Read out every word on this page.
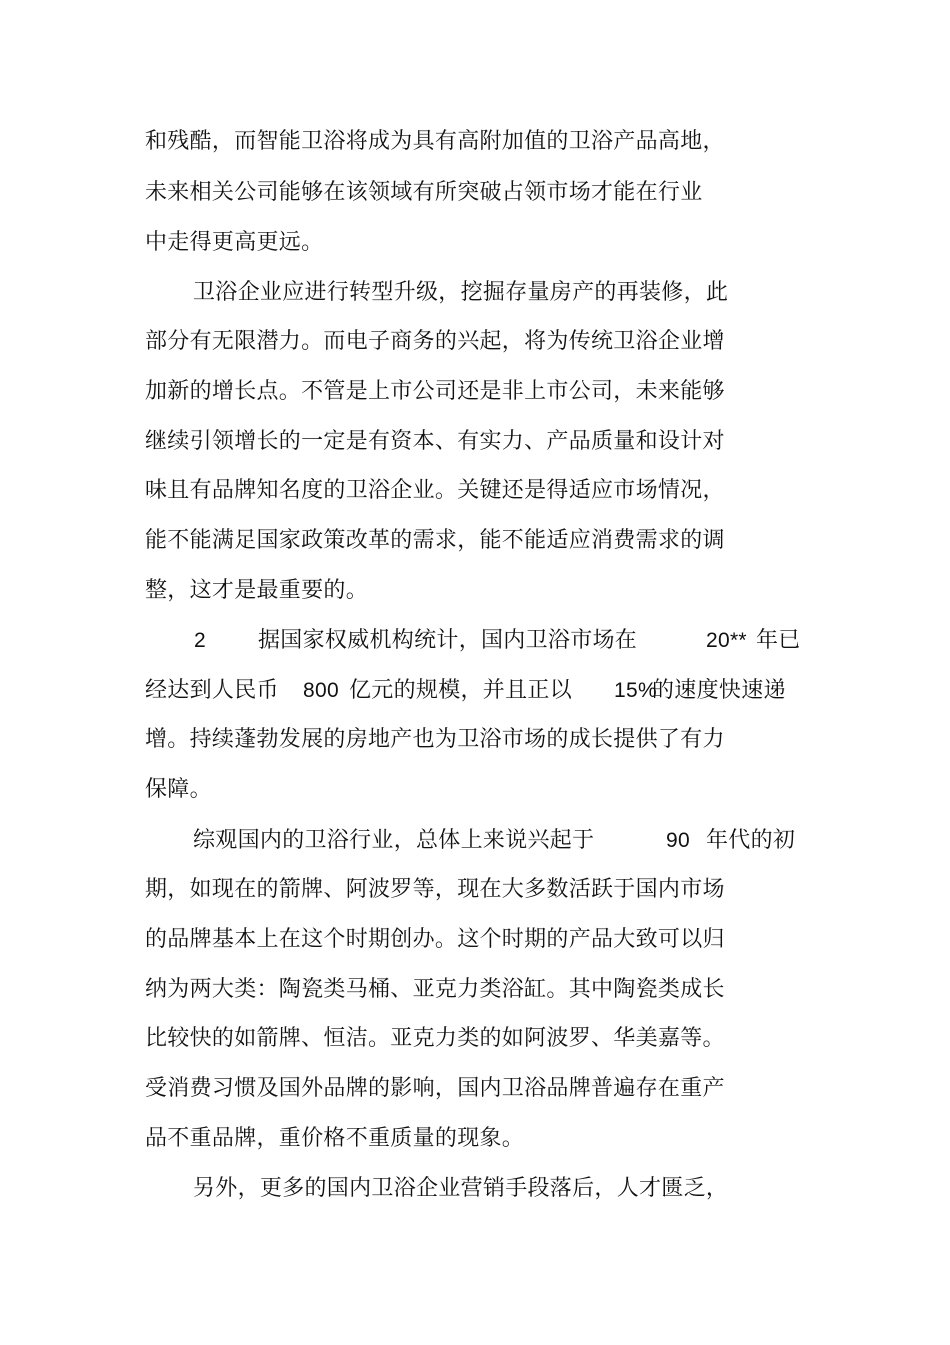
和残酷，而智能卫浴将成为具有高附加值的卫浴产品高地，
未来相关公司能够在该领域有所突破占领市场才能在行业
中走得更高更远。
卫浴企业应进行转型升级，挖掘存量房产的再装修，此
部分有无限潜力。而电子商务的兴起，将为传统卫浴企业增
加新的增长点。不管是上市公司还是非上市公司，未来能够
继续引领增长的一定是有资本、有实力、产品质量和设计对
味且有品牌知名度的卫浴企业。关键还是得适应市场情况，
能不能满足国家政策改革的需求，能不能适应消费需求的调
整，这才是最重要的。
2 据国家权威机构统计，国内卫浴市场在	20** 年已
经达到人民币 800 亿元的规模，并且正以 15%
的速度快速递
增。持续蓬勃发展的房地产也为卫浴市场的成长提供了有力
保障。
综观国内的卫浴行业，总体上来说兴起于	90 年代的初
期，如现在的箭牌、阿波罗等，现在大多数活跃于国内市场
的品牌基本上在这个时期创办。这个时期的产品大致可以归
纳为两大类：陶瓷类马桶、亚克力类浴缸。其中陶瓷类成长
比较快的如箭牌、恒洁。亚克力类的如阿波罗、华美嘉等。
受消费习惯及国外品牌的影响，国内卫浴品牌普遍存在重产
品不重品牌，重价格不重质量的现象。
另外，更多的国内卫浴企业营销手段落后，人才匮乏，
